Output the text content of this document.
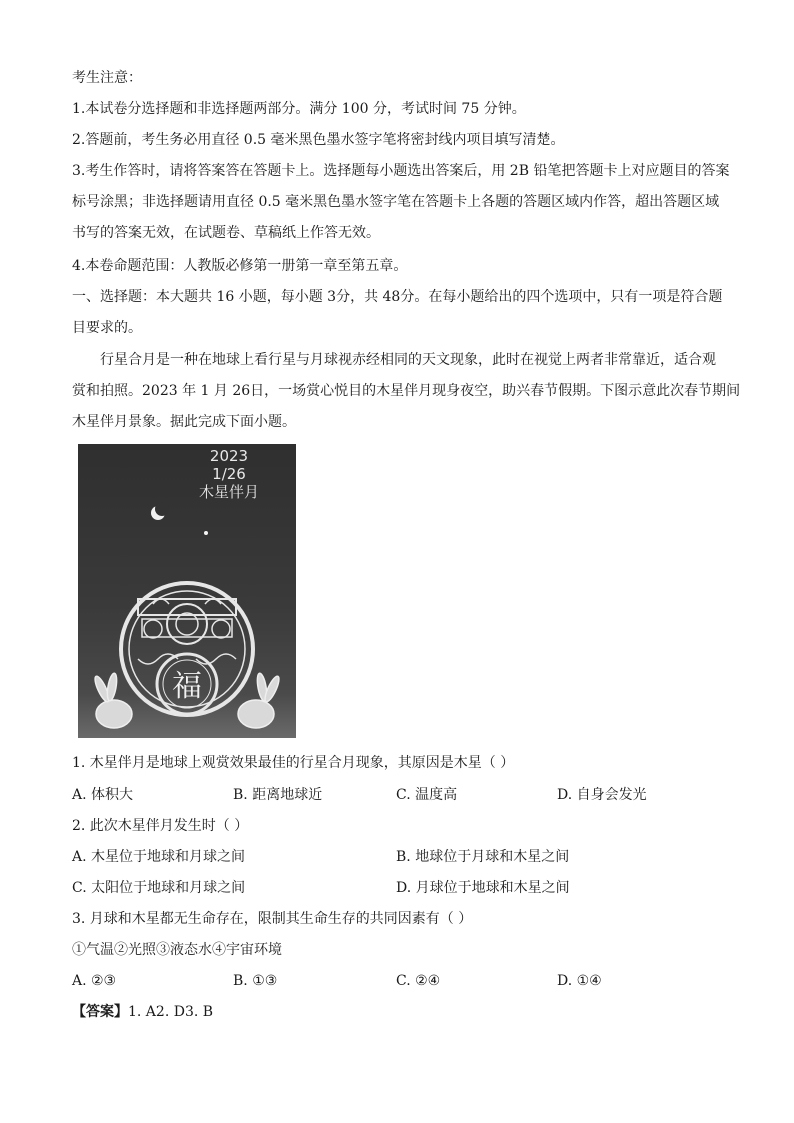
考生注意：
1.本试卷分选择题和非选择题两部分。满分 100 分，考试时间 75 分钟。
2.答题前，考生务必用直径 0.5 毫米黑色墨水签字笔将密封线内项目填写清楚。
3.考生作答时，请将答案答在答题卡上。选择题每小题选出答案后，用 2B 铅笔把答题卡上对应题目的答案
标号涂黑；非选择题请用直径 0.5 毫米黑色墨水签字笔在答题卡上各题的答题区域内作答，超出答题区域
书写的答案无效，在试题卷、草稿纸上作答无效。
4.本卷命题范围：人教版必修第一册第一章至第五章。
一、选择题：本大题共 16 小题，每小题 3分，共 48分。在每小题给出的四个选项中，只有一项是符合题
目要求的。
行星合月是一种在地球上看行星与月球视赤经相同的天文现象，此时在视觉上两者非常靠近，适合观
赏和拍照。2023 年 1 月 26日，一场赏心悦目的木星伴月现身夜空，助兴春节假期。下图示意此次春节期间
木星伴月景象。据此完成下面小题。
2023
1/26
木星伴月
福
1. 木星伴月是地球上观赏效果最佳的行星合月现象，其原因是木星（ ）
A. 体积大	B. 距离地球近	C. 温度高	D. 自身会发光
2. 此次木星伴月发生时（ ）
A. 木星位于地球和月球之间	B. 地球位于月球和木星之间
C. 太阳位于地球和月球之间	D. 月球位于地球和木星之间
3. 月球和木星都无生命存在，限制其生命生存的共同因素有（ ）
①气温②光照③液态水④宇宙环境
A. ②③	B. ①③	C. ②④	D. ①④
【答案】1. A2. D3. B
